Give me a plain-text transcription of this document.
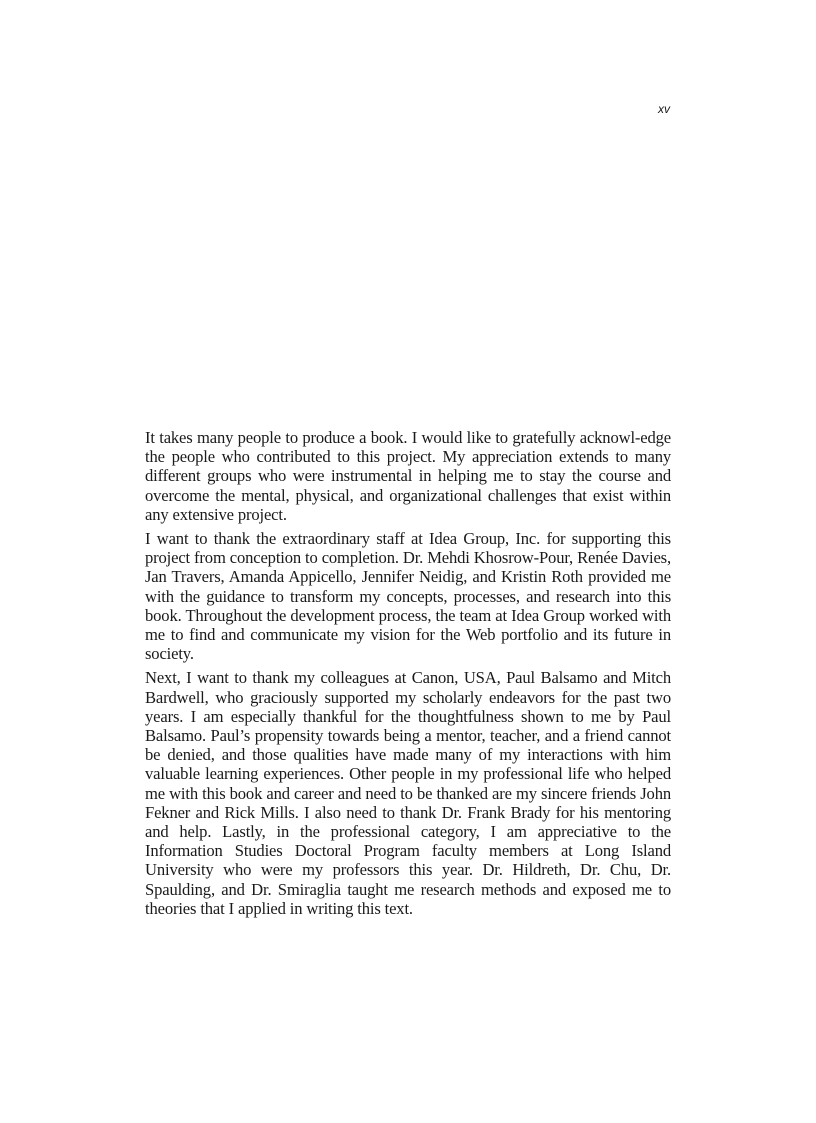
xv

It takes many people to produce a book. I would like to gratefully acknowl-edge the people who contributed to this project. My appreciation extends to many different groups who were instrumental in helping me to stay the course and overcome the mental, physical, and organizational challenges that exist within any extensive project.

I want to thank the extraordinary staff at Idea Group, Inc. for supporting this project from conception to completion. Dr. Mehdi Khosrow-Pour, Renée Davies, Jan Travers, Amanda Appicello, Jennifer Neidig, and Kristin Roth provided me with the guidance to transform my concepts, processes, and research into this book. Throughout the development process, the team at Idea Group worked with me to find and communicate my vision for the Web portfolio and its future in society.

Next, I want to thank my colleagues at Canon, USA, Paul Balsamo and Mitch Bardwell, who graciously supported my scholarly endeavors for the past two years. I am especially thankful for the thoughtfulness shown to me by Paul Balsamo. Paul’s propensity towards being a mentor, teacher, and a friend cannot be denied, and those qualities have made many of my interactions with him valuable learning experiences. Other people in my professional life who helped me with this book and career and need to be thanked are my sincere friends John Fekner and Rick Mills. I also need to thank Dr. Frank Brady for his mentoring and help. Lastly, in the professional category, I am appreciative to the Information Studies Doctoral Program faculty members at Long Island University who were my professors this year. Dr. Hildreth, Dr. Chu, Dr. Spaulding, and Dr. Smiraglia taught me research methods and exposed me to theories that I applied in writing this text.
